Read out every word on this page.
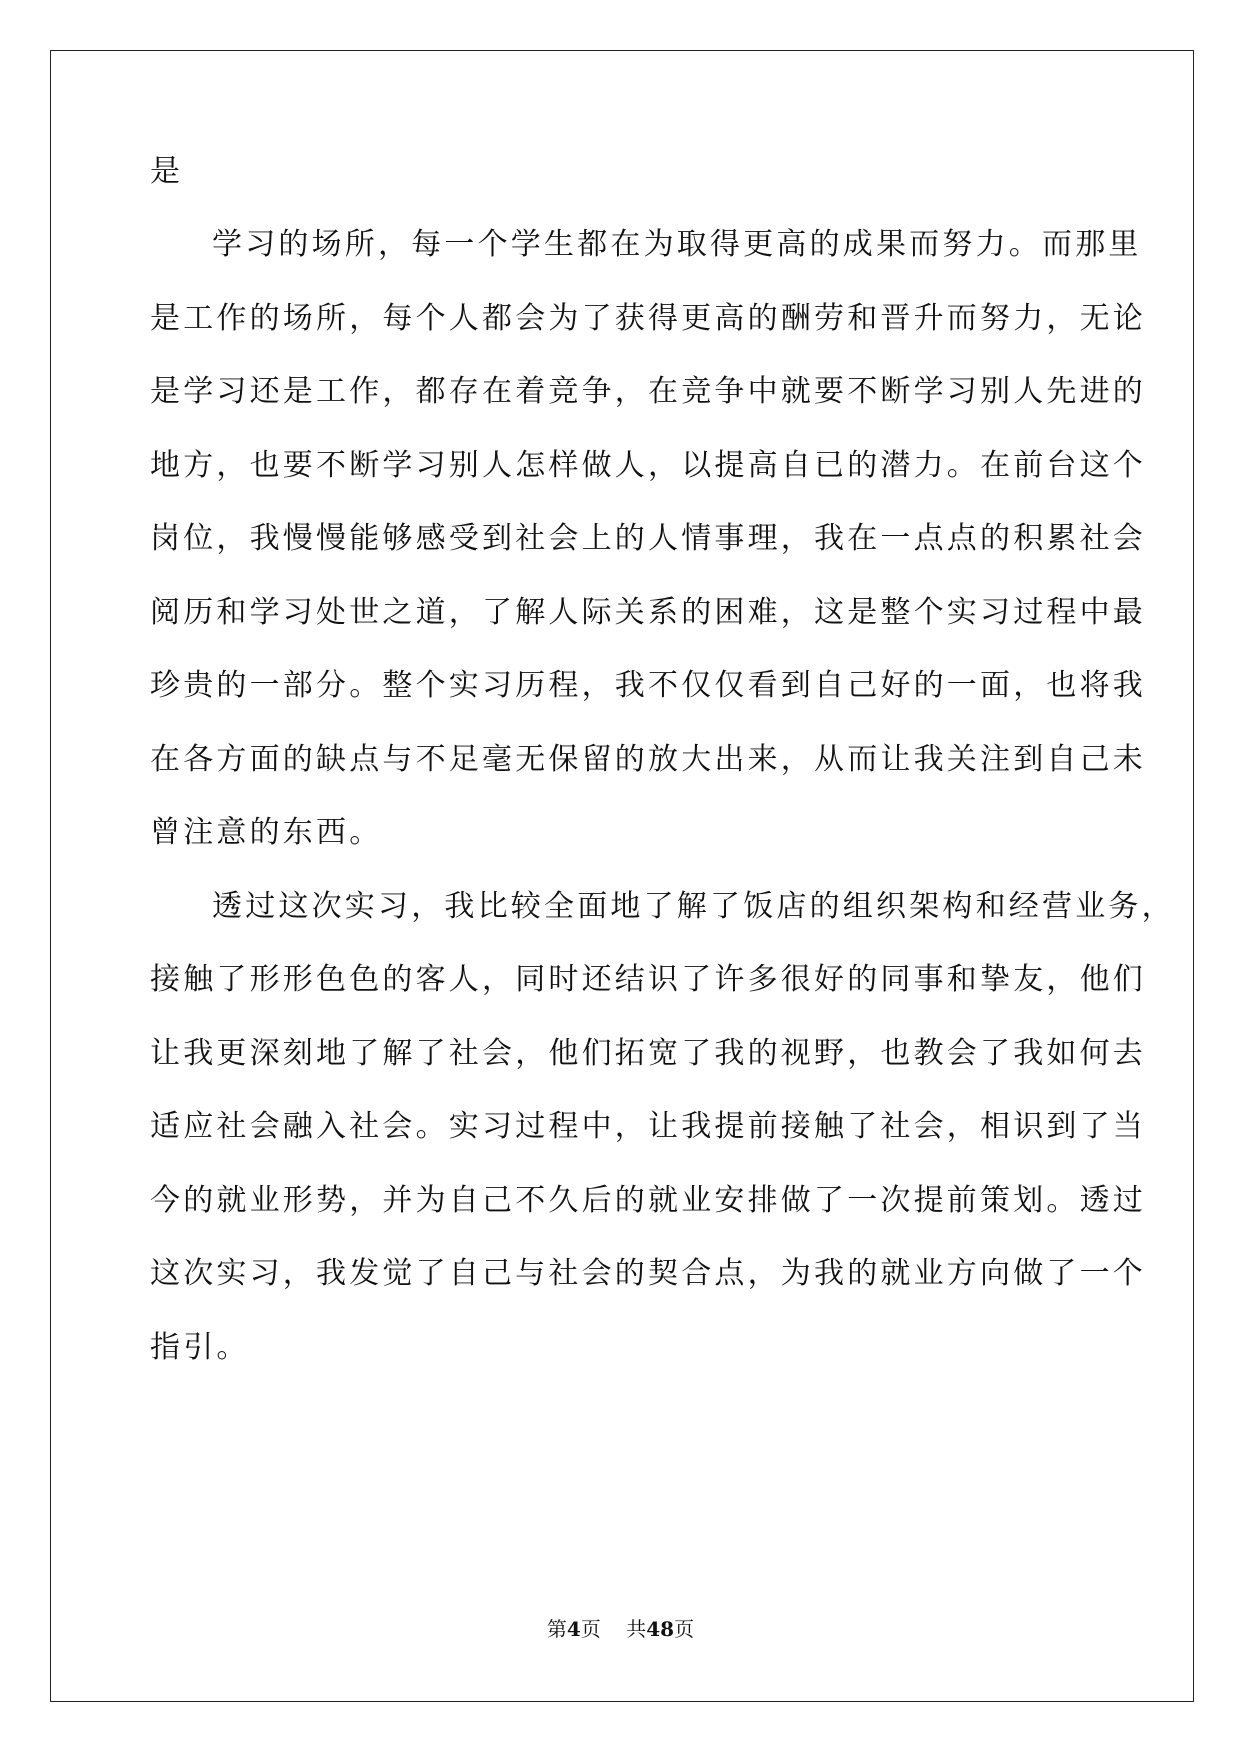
是

学习的场所，每一个学生都在为取得更高的成果而努力。而那里

是工作的场所，每个人都会为了获得更高的酬劳和晋升而努力，无论

是学习还是工作，都存在着竞争，在竞争中就要不断学习别人先进的

地方，也要不断学习别人怎样做人，以提高自已的潜力。在前台这个

岗位，我慢慢能够感受到社会上的人情事理，我在一点点的积累社会

阅历和学习处世之道，了解人际关系的困难，这是整个实习过程中最

珍贵的一部分。整个实习历程，我不仅仅看到自己好的一面，也将我

在各方面的缺点与不足毫无保留的放大出来，从而让我关注到自己未

曾注意的东西。

透过这次实习，我比较全面地了解了饭店的组织架构和经营业务，

接触了形形色色的客人，同时还结识了许多很好的同事和挚友，他们

让我更深刻地了解了社会，他们拓宽了我的视野，也教会了我如何去

适应社会融入社会。实习过程中，让我提前接触了社会，相识到了当

今的就业形势，并为自己不久后的就业安排做了一次提前策划。透过

这次实习，我发觉了自己与社会的契合点，为我的就业方向做了一个

指引。

第4页 共48页
